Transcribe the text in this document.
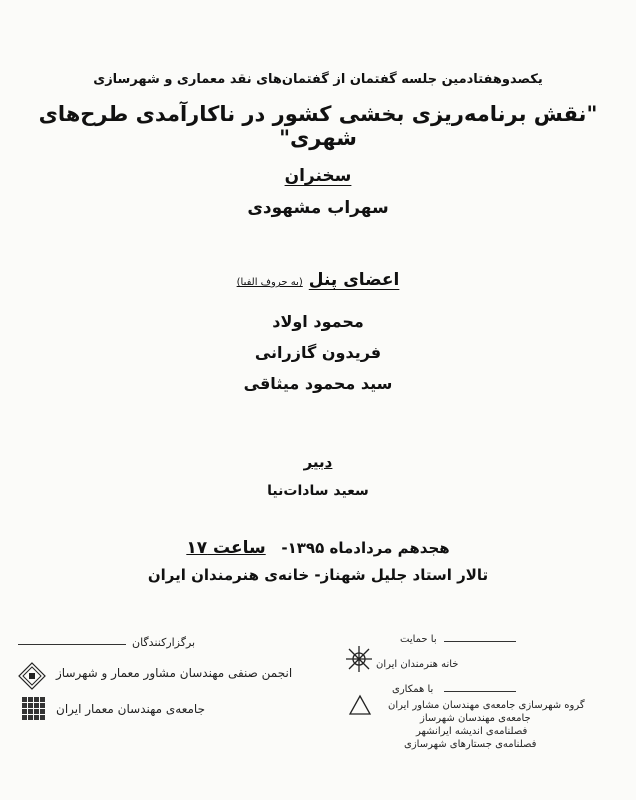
یکصدوهفتادمین جلسه گفتمان از گفتمان‌های نقد معماری و شهرسازی
"نقش برنامه‌ریزی بخشی کشور در ناکارآمدی طرح‌های شهری"
سخنران
سهراب مشهودی
اعضای پنل(به حروف الفبا)
محمود اولاد
فریدون گازرانی
سید محمود میثاقی
دبیر
سعید سادات‌نیا
هجدهم مردادماه ۱۳۹۵-   ساعت ۱۷
تالار استاد جلیل شهناز- خانه‌ی هنرمندان ایران
برگزارکنندگان
انجمن صنفی مهندسان مشاور معمار و شهرساز
جامعه‌ی مهندسان معمار ایران
با حمایت
خانه هنرمندان ایران
با همکاری
گروه شهرسازی جامعه‌ی مهندسان مشاور ایران
جامعه‌ی مهندسان شهرساز
فصلنامه‌ی اندیشه ایرانشهر
فصلنامه‌ی جستارهای شهرسازی
